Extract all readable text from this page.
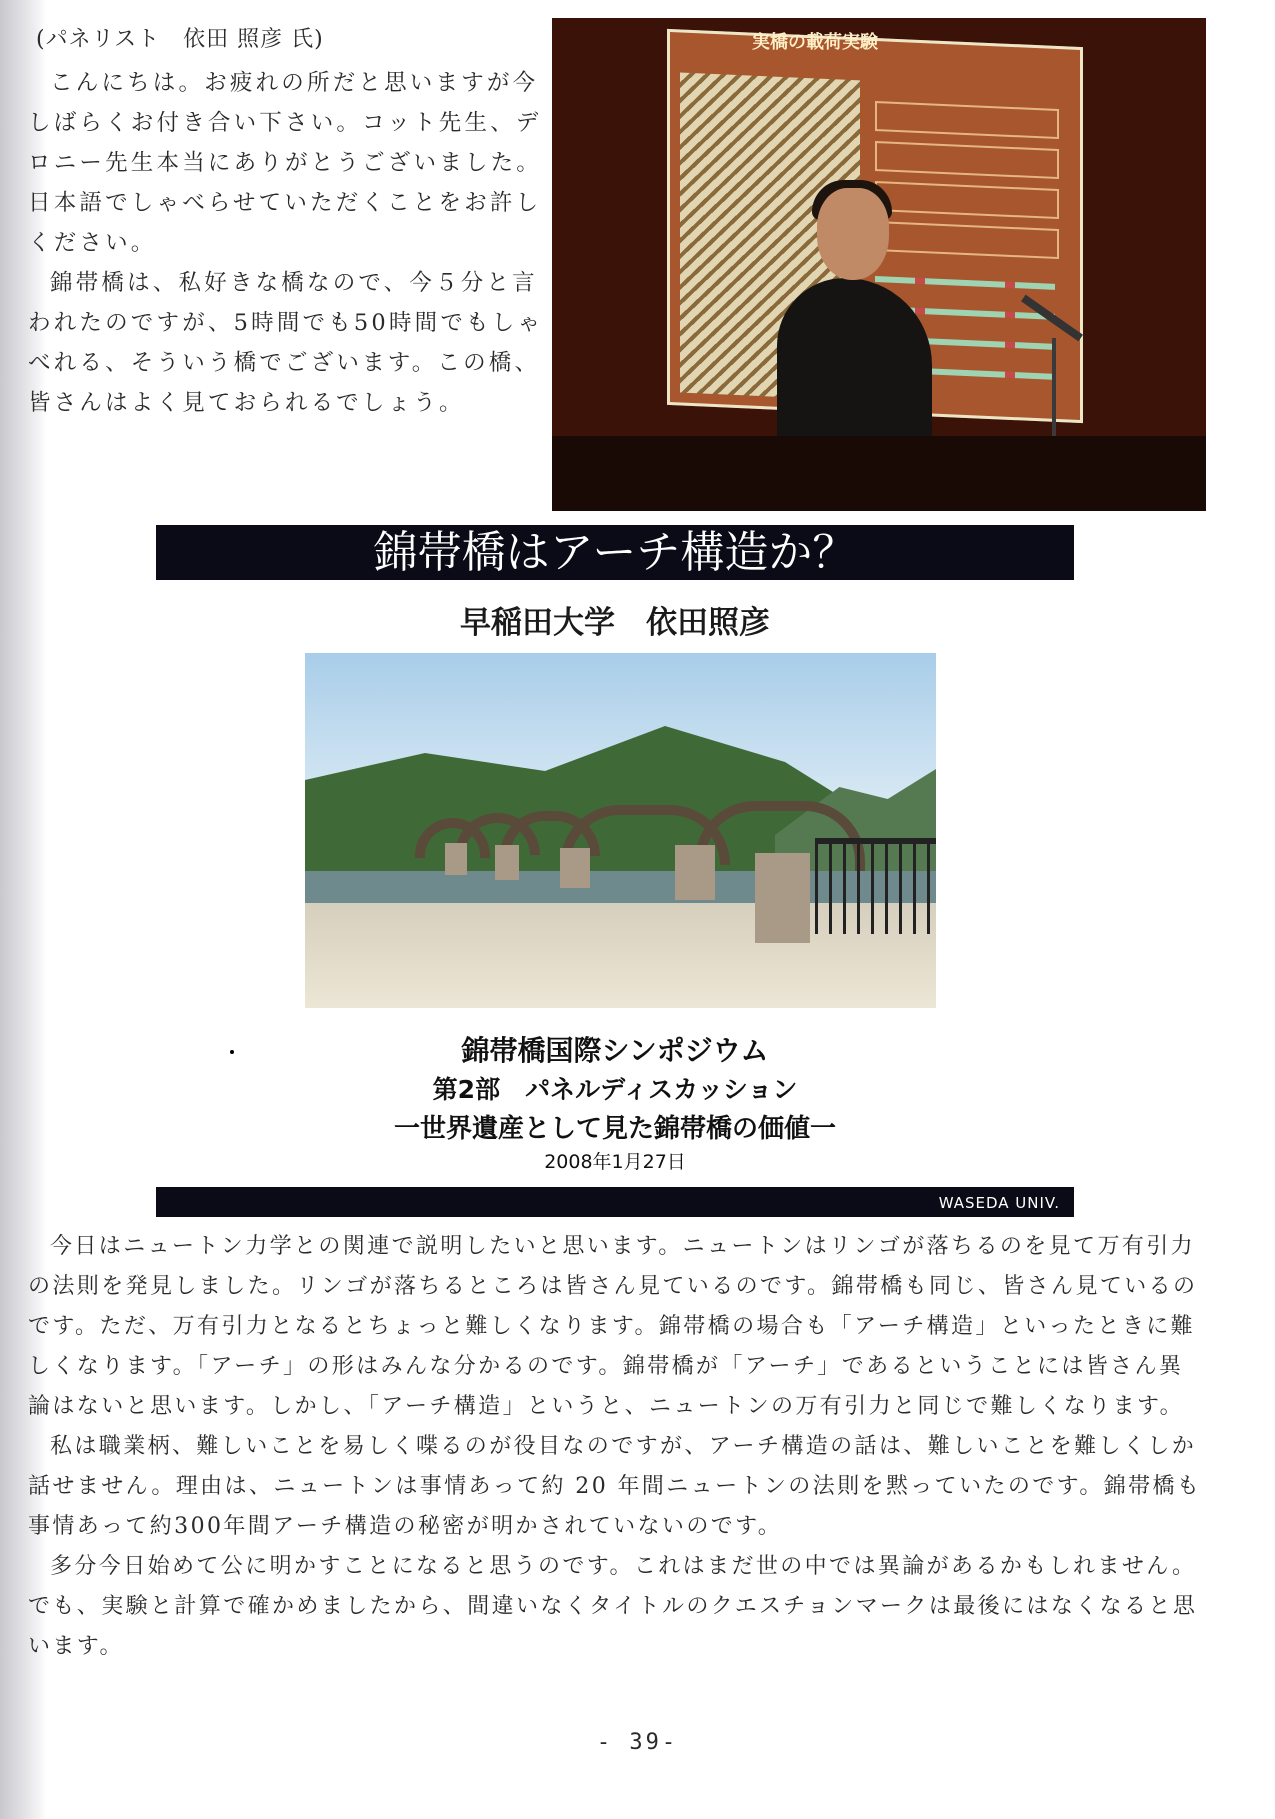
(パネリスト　依田 照彦 氏)

こんにちは。お疲れの所だと思いますが今しばらくお付き合い下さい。コット先生、デロニー先生本当にありがとうございました。日本語でしゃべらせていただくことをお許しください。

錦帯橋は、私好きな橋なので、今５分と言われたのですが、5時間でも50時間でもしゃべれる、そういう橋でございます。この橋、皆さんはよく見ておられるでしょう。

実橋の載荷実験
錦帯橋はアーチ構造か？
早稲田大学　依田照彦
錦帯橋国際シンポジウム
第2部　パネルディスカッション
一世界遺産として見た錦帯橋の価値一
2008年1月27日
WASEDA UNIV.

今日はニュートン力学との関連で説明したいと思います。ニュートンはリンゴが落ちるのを見て万有引力の法則を発見しました。リンゴが落ちるところは皆さん見ているのです。錦帯橋も同じ、皆さん見ているのです。ただ、万有引力となるとちょっと難しくなります。錦帯橋の場合も「アーチ構造」といったときに難しくなります。「アーチ」の形はみんな分かるのです。錦帯橋が「アーチ」であるということには皆さん異論はないと思います。しかし、「アーチ構造」というと、ニュートンの万有引力と同じで難しくなります。

私は職業柄、難しいことを易しく喋るのが役目なのですが、アーチ構造の話は、難しいことを難しくしか話せません。理由は、ニュートンは事情あって約 20 年間ニュートンの法則を黙っていたのです。錦帯橋も事情あって約300年間アーチ構造の秘密が明かされていないのです。

多分今日始めて公に明かすことになると思うのです。これはまだ世の中では異論があるかもしれません。でも、実験と計算で確かめましたから、間違いなくタイトルのクエスチョンマークは最後にはなくなると思います。

- 39-
